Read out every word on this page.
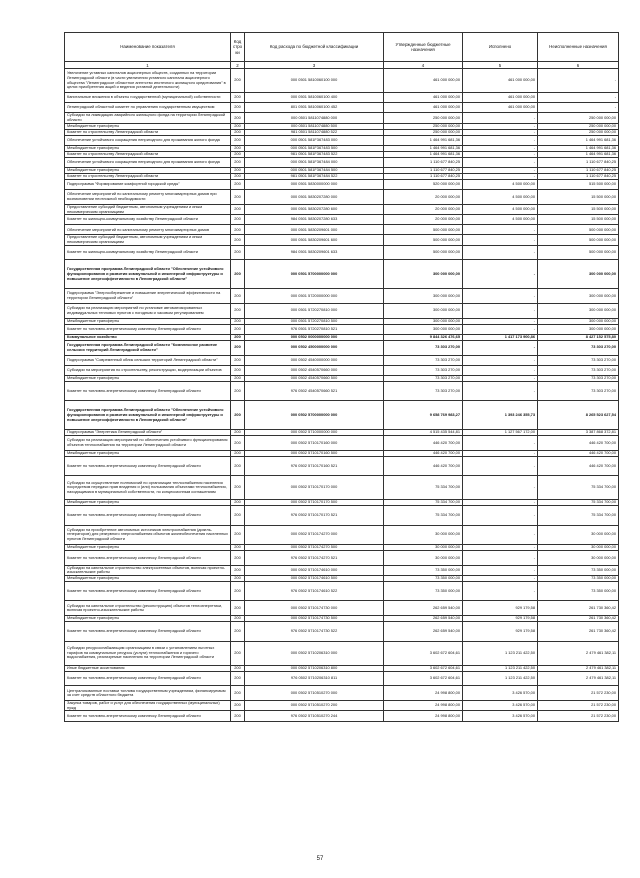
Наименование показателя	Код стро ки	Код расхода по бюджетной классификации	Утвержденные бюджетные назначения	Исполнено	Неисполненные назначения
1	2	3	4	5	6
Увеличение уставных капиталов акционерных обществ, созданных на территории Ленинградской области (в части увеличения уставного капитала акционерного общества "Ленинградское областное агентство ипотечного жилищного кредитования" в целях приобретения акций и ведения уставной деятельности)	200	000 0501 5810060100 000	461 000 000,00	461 000 000,00	-
Капитальные вложения в объекты государственной (муниципальной) собственности	200	000 0501 5810060100 400	461 000 000,00	461 000 000,00	-
Ленинградский областной комитет по управлению государственным имуществом	200	801 0501 5810060100 452	461 000 000,00	461 000 000,00	-
Субсидии на ликвидацию аварийного жилищного фонда на территории Ленинградской области	200	000 0501 5811074880 000	250 000 000,00	-	250 000 000,00
Межбюджетные трансферты	200	000 0501 5811074880 500	250 000 000,00	-	250 000 000,00
Комитет по строительству Ленинградской области	200	981 0501 5811074880 522	250 000 000,00	-	250 000 000,00
Обеспечение устойчивого сокращения непригодного для проживания жилого фонда	200	000 0501 581F367483 000	1 464 991 681,36	-	1 464 991 681,36
Межбюджетные трансферты	200	000 0501 581F367483 500	1 464 991 681,36	-	1 464 991 681,36
Комитет по строительству Ленинградской области	200	981 0501 581F367483 522	1 464 991 681,36	-	1 464 991 681,36
Обеспечение устойчивого сокращения непригодного для проживания жилого фонда	200	000 0501 581F367484 000	1 110 677 840,25	-	1 110 677 840,25
Межбюджетные трансферты	200	000 0501 581F367484 500	1 110 677 840,25	-	1 110 677 840,25
Комитет по строительству Ленинградской области	200	981 0501 581F367484 522	1 110 677 840,25	-	1 110 677 840,25
Подпрограмма "Формирование комфортной городской среды"	200	000 0501 5830000000 000	520 000 000,00	4 500 000,00	515 500 000,00
Обеспечение мероприятий по капитальному ремонту многоквартирных домов при возникновении неотложной необходимости	200	000 0501 5830207280 000	20 000 000,00	4 500 000,00	15 500 000,00
Предоставление субсидий бюджетным, автономным учреждениям и иным некоммерческим организациям	200	000 0501 5830207280 600	20 000 000,00	4 500 000,00	15 500 000,00
Комитет по жилищно-коммунальному хозяйству Ленинградской области	200	984 0501 5830207280 633	20 000 000,00	4 500 000,00	15 500 000,00
Обеспечение мероприятий по капитальному ремонту многоквартирных домов	200	000 0501 5830209601 000	500 000 000,00	-	500 000 000,00
Предоставление субсидий бюджетным, автономным учреждениям и иным некоммерческим организациям	200	000 0501 5830209601 600	500 000 000,00	-	500 000 000,00
Комитет по жилищно-коммунальному хозяйству Ленинградской области	200	984 0501 5830209601 633	500 000 000,00	-	500 000 000,00
Государственная программа Ленинградской области "Обеспечение устойчивого функционирования и развития коммунальной и инженерной инфраструктуры и повышение энергоэффективности в Ленинградской области"	200	000 0501 5700000000 000	300 000 000,00	-	300 000 000,00
Подпрограмма "Энергосбережение и повышение энергетической эффективности на территории Ленинградской области"	200	000 0501 5720000000 000	300 000 000,00	-	300 000 000,00
Субсидии на реализацию мероприятий по установке автоматизированных индивидуальных тепловых пунктов с погодным и часовым регулированием	200	000 0501 5720270810 000	300 000 000,00	-	300 000 000,00
Межбюджетные трансферты	200	000 0501 5720270810 500	300 000 000,00	-	300 000 000,00
Комитет по топливно-энергетическому комплексу Ленинградской области	200	976 0501 5720270810 521	300 000 000,00	-	300 000 000,00
Коммунальное хозяйство	200	000 0502 0000000000 000	9 844 326 476,65	1 417 173 900,86	8 427 152 575,80
Государственная программа Ленинградской области "Комплексное развитие сельских территорий Ленинградской области"	200	000 0502 4500000000 000	73 303 270,00	-	73 303 270,00
Подпрограмма "Современный облик сельских территорий Ленинградской области"	200	000 0502 4540000000 000	73 303 270,00	-	73 303 270,00
Субсидии на мероприятия по строительству, реконструкции, модернизации объектов	200	000 0502 4540570660 000	73 303 270,00	-	73 303 270,00
Межбюджетные трансферты	200	000 0502 4540570660 500	73 303 270,00	-	73 303 270,00
Комитет по топливно-энергетическому комплексу Ленинградской области	200	976 0502 4540570660 521	73 303 270,00	-	73 303 270,00
Государственная программа Ленинградской области "Обеспечение устойчивого функционирования и развития коммунальной и инженерной инфраструктуры и повышение энергоэффективности в Ленинградской области"	200	000 0502 5700000000 000	9 658 769 983,27	1 393 246 355,73	8 265 523 627,54
Подпрограмма "Энергетика Ленинградской области"	200	000 0502 5710000000 000	4 515 435 544,81	1 127 567 172,00	3 387 868 372,81
Субсидии на реализацию мероприятий по обеспечению устойчивого функционирования объектов теплоснабжения на территории Ленинградской области	200	000 0502 5710170160 000	446 420 700,00	-	446 420 700,00
Межбюджетные трансферты	200	000 0502 5710170160 500	446 420 700,00	-	446 420 700,00
Комитет по топливно-энергетическому комплексу Ленинградской области	200	976 0502 5710170160 521	446 420 700,00	-	446 420 700,00
Субсидии на осуществление полномочий по организации теплоснабжения населения посредством передачи прав владения и (или) пользования объектами теплоснабжения, находящимися в муниципальной собственности, по концессионным соглашениям	200	000 0502 5710170170 000	75 334 700,00	-	75 334 700,00
Межбюджетные трансферты	200	000 0502 5710170170 500	75 334 700,00	-	75 334 700,00
Комитет по топливно-энергетическому комплексу Ленинградской области	200	976 0502 5710170170 521	75 334 700,00	-	75 334 700,00
Субсидии на приобретение автономных источников электроснабжения (дизель-генераторов) для резервного энергоснабжения объектов жизнеобеспечения населенных пунктов Ленинградской области	200	000 0502 5710174270 000	30 000 000,00	-	30 000 000,00
Межбюджетные трансферты	200	000 0502 5710174270 500	30 000 000,00	-	30 000 000,00
Комитет по топливно-энергетическому комплексу Ленинградской области	200	976 0502 5710174270 521	30 000 000,00	-	30 000 000,00
Субсидии на капитальное строительство электросетевых объектов, включая проектно-изыскательские работы	200	000 0502 5710174610 000	73 350 000,00	-	73 350 000,00
Межбюджетные трансферты	200	000 0502 5710174610 500	73 350 000,00	-	73 350 000,00
Комитет по топливно-энергетическому комплексу Ленинградской области	200	976 0502 5710174610 522	73 350 000,00	-	73 350 000,00
Субсидии на капитальное строительство (реконструкцию) объектов теплоэнергетики, включая проектно-изыскательские работы	200	000 0502 5710174730 000	262 659 540,00	929 179,58	261 730 360,42
Межбюджетные трансферты	200	000 0502 5710174730 500	262 659 540,00	929 179,58	261 730 360,42
Комитет по топливно-энергетическому комплексу Ленинградской области	200	976 0502 5710174730 522	262 659 540,00	929 179,58	261 730 360,42
Субсидии ресурсоснабжающим организациям в связи с установлением льготных тарифов на коммунальные ресурсы (услуги) теплоснабжения и горячего водоснабжения, реализуемые населению на территории Ленинградской области	200	000 0502 5710206310 000	3 602 672 604,61	1 123 211 422,50	2 479 461 382,11
Иные бюджетные ассигнования	200	000 0502 5710206310 800	3 602 672 604,61	1 123 211 422,50	2 479 461 382,11
Комитет по топливно-энергетическому комплексу Ленинградской области	200	976 0502 5710206310 811	3 602 672 604,61	1 123 211 422,50	2 479 461 382,11
Централизованные поставки топлива государственным учреждениям, финансируемым за счет средств областного бюджета	200	000 0502 5710510270 000	24 998 800,00	3 426 570,00	21 572 230,00
Закупка товаров, работ и услуг для обеспечения государственных (муниципальных) нужд	200	000 0502 5710510270 200	24 998 800,00	3 426 570,00	21 572 230,00
Комитет по топливно-энергетическому комплексу Ленинградской области	200	976 0502 5710510270 244	24 998 800,00	3 426 570,00	21 572 230,00
57
